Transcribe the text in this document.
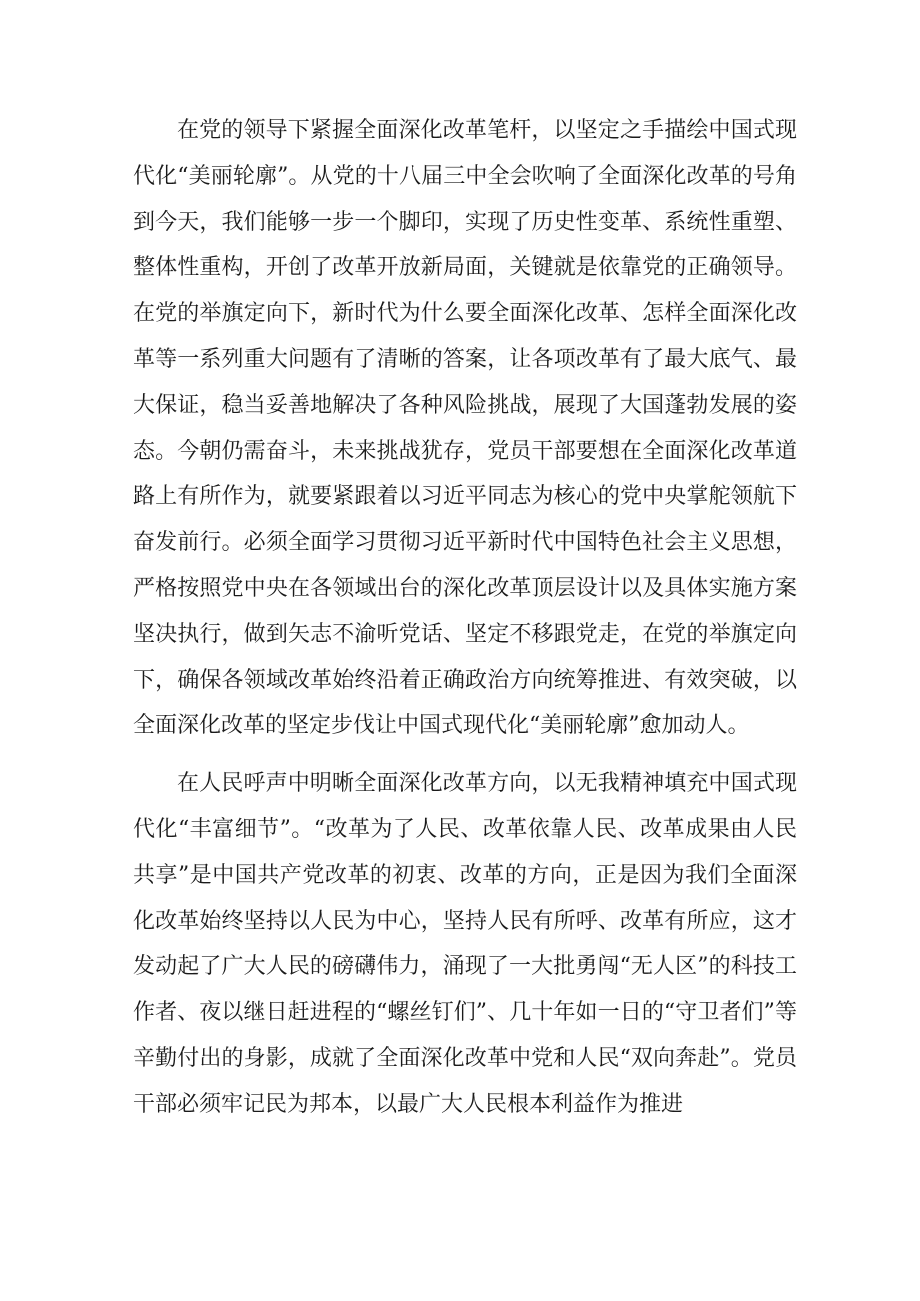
在党的领导下紧握全面深化改革笔杆，以坚定之手描绘中国式现代化“美丽轮廓”。从党的十八届三中全会吹响了全面深化改革的号角到今天，我们能够一步一个脚印，实现了历史性变革、系统性重塑、整体性重构，开创了改革开放新局面，关键就是依靠党的正确领导。在党的举旗定向下，新时代为什么要全面深化改革、怎样全面深化改革等一系列重大问题有了清晰的答案，让各项改革有了最大底气、最大保证，稳当妥善地解决了各种风险挑战，展现了大国蓬勃发展的姿态。今朝仍需奋斗，未来挑战犹存，党员干部要想在全面深化改革道路上有所作为，就要紧跟着以习近平同志为核心的党中央掌舵领航下奋发前行。必须全面学习贯彻习近平新时代中国特色社会主义思想，严格按照党中央在各领域出台的深化改革顶层设计以及具体实施方案坚决执行，做到矢志不渝听党话、坚定不移跟党走，在党的举旗定向下，确保各领域改革始终沿着正确政治方向统筹推进、有效突破，以全面深化改革的坚定步伐让中国式现代化“美丽轮廓”愈加动人。

在人民呼声中明晰全面深化改革方向，以无我精神填充中国式现代化“丰富细节”。“改革为了人民、改革依靠人民、改革成果由人民共享”是中国共产党改革的初衷、改革的方向，正是因为我们全面深化改革始终坚持以人民为中心，坚持人民有所呼、改革有所应，这才发动起了广大人民的磅礴伟力，涌现了一大批勇闯“无人区”的科技工作者、夜以继日赶进程的“螺丝钉们”、几十年如一日的“守卫者们”等辛勤付出的身影，成就了全面深化改革中党和人民“双向奔赴”。党员干部必须牢记民为邦本，以最广大人民根本利益作为推进
